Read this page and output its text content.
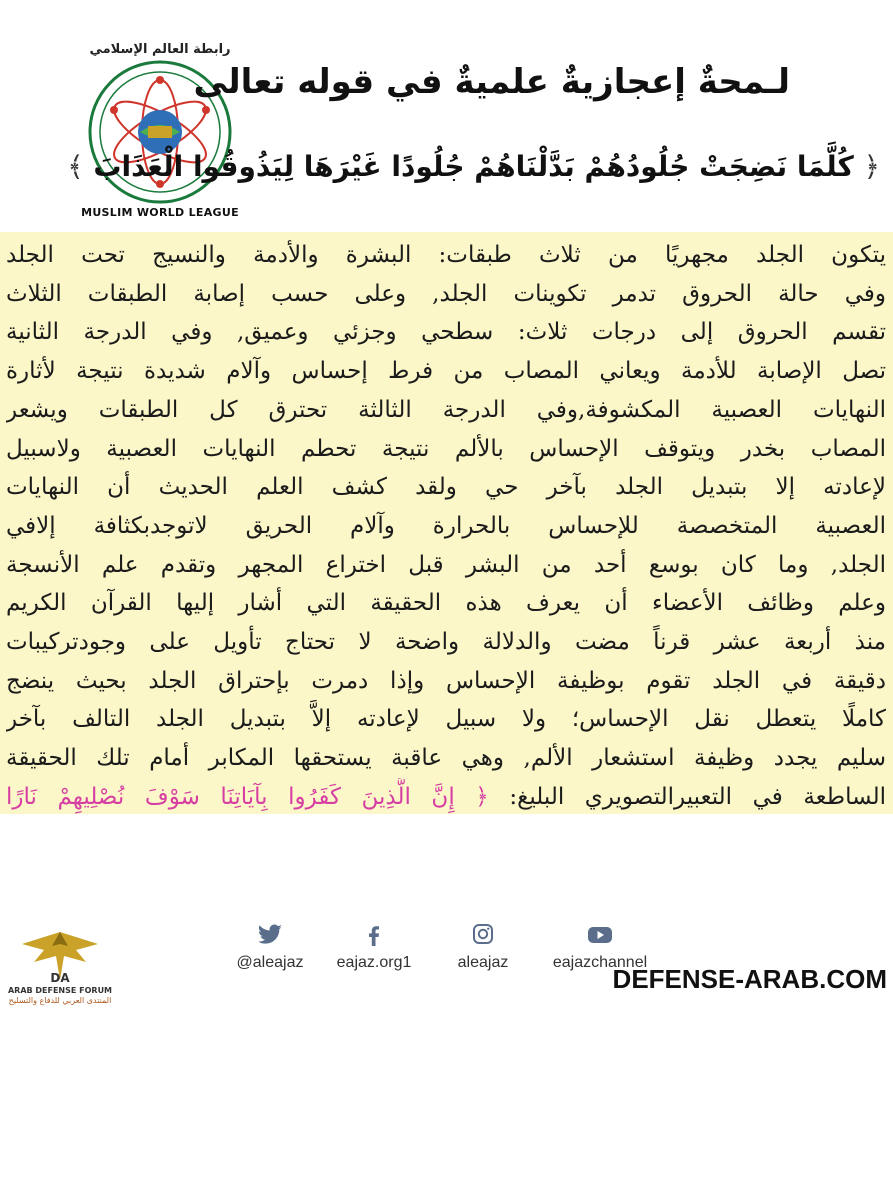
رابطة العالم الإسلامي
MUSLIM WORLD LEAGUE
لـمحةٌ إعجازيةٌ علميةٌ في قوله تعالى
﴿ كُلَّمَا نَضِجَتْ جُلُودُهُمْ بَدَّلْنَاهُمْ جُلُودًا غَيْرَهَا لِيَذُوقُوا الْعَذَابَ ﴾
يتكون الجلد مجهريًا من ثلاث طبقات: البشرة والأدمة والنسيج تحت الجلد
وفي حالة الحروق تدمر تكوينات الجلد, وعلى حسب إصابة الطبقات الثلاث
تقسم الحروق إلى درجات ثلاث: سطحي وجزئي وعميق, وفي الدرجة الثانية
تصل الإصابة للأدمة ويعاني المصاب من فرط إحساس وآلام شديدة نتيجة لأثارة
النهايات العصبية المكشوفة,وفي الدرجة الثالثة تحترق كل الطبقات ويشعر
المصاب بخدر ويتوقف الإحساس بالألم نتيجة تحطم النهايات العصبية ولاسبيل
لإعادته إلا بتبديل الجلد بآخر حي ولقد كشف العلم الحديث أن النهايات
العصبية المتخصصة للإحساس بالحرارة وآلام الحريق لاتوجدبكثافة إلافي
الجلد, وما كان بوسع أحد من البشر قبل اختراع المجهر وتقدم علم الأنسجة
وعلم وظائف الأعضاء أن يعرف هذه الحقيقة التي أشار إليها القرآن الكريم
منذ أربعة عشر قرناً مضت والدلالة واضحة لا تحتاج تأويل على وجودتركيبات
دقيقة في الجلد تقوم بوظيفة الإحساس وإذا دمرت بإحتراق الجلد بحيث ينضج
كاملًا يتعطل نقل الإحساس؛ ولا سبيل لإعادته إلاَّ بتبديل الجلد التالف بآخر
سليم يجدد وظيفة استشعار الألم, وهي عاقبة يستحقها المكابر أمام تلك الحقيقة
الساطعة في التعبيرالتصويري البليغ: ﴿ إِنَّ الَّذِينَ كَفَرُوا بِآيَاتِنَا سَوْفَ نُصْلِيهِمْ نَارًا
DA
ARAB DEFENSE FORUM
المنتدى العربي للدفاع والتسليح
@aleajaz	eajaz.org1	aleajaz	eajazchannel
DEFENSE-ARAB.COM
